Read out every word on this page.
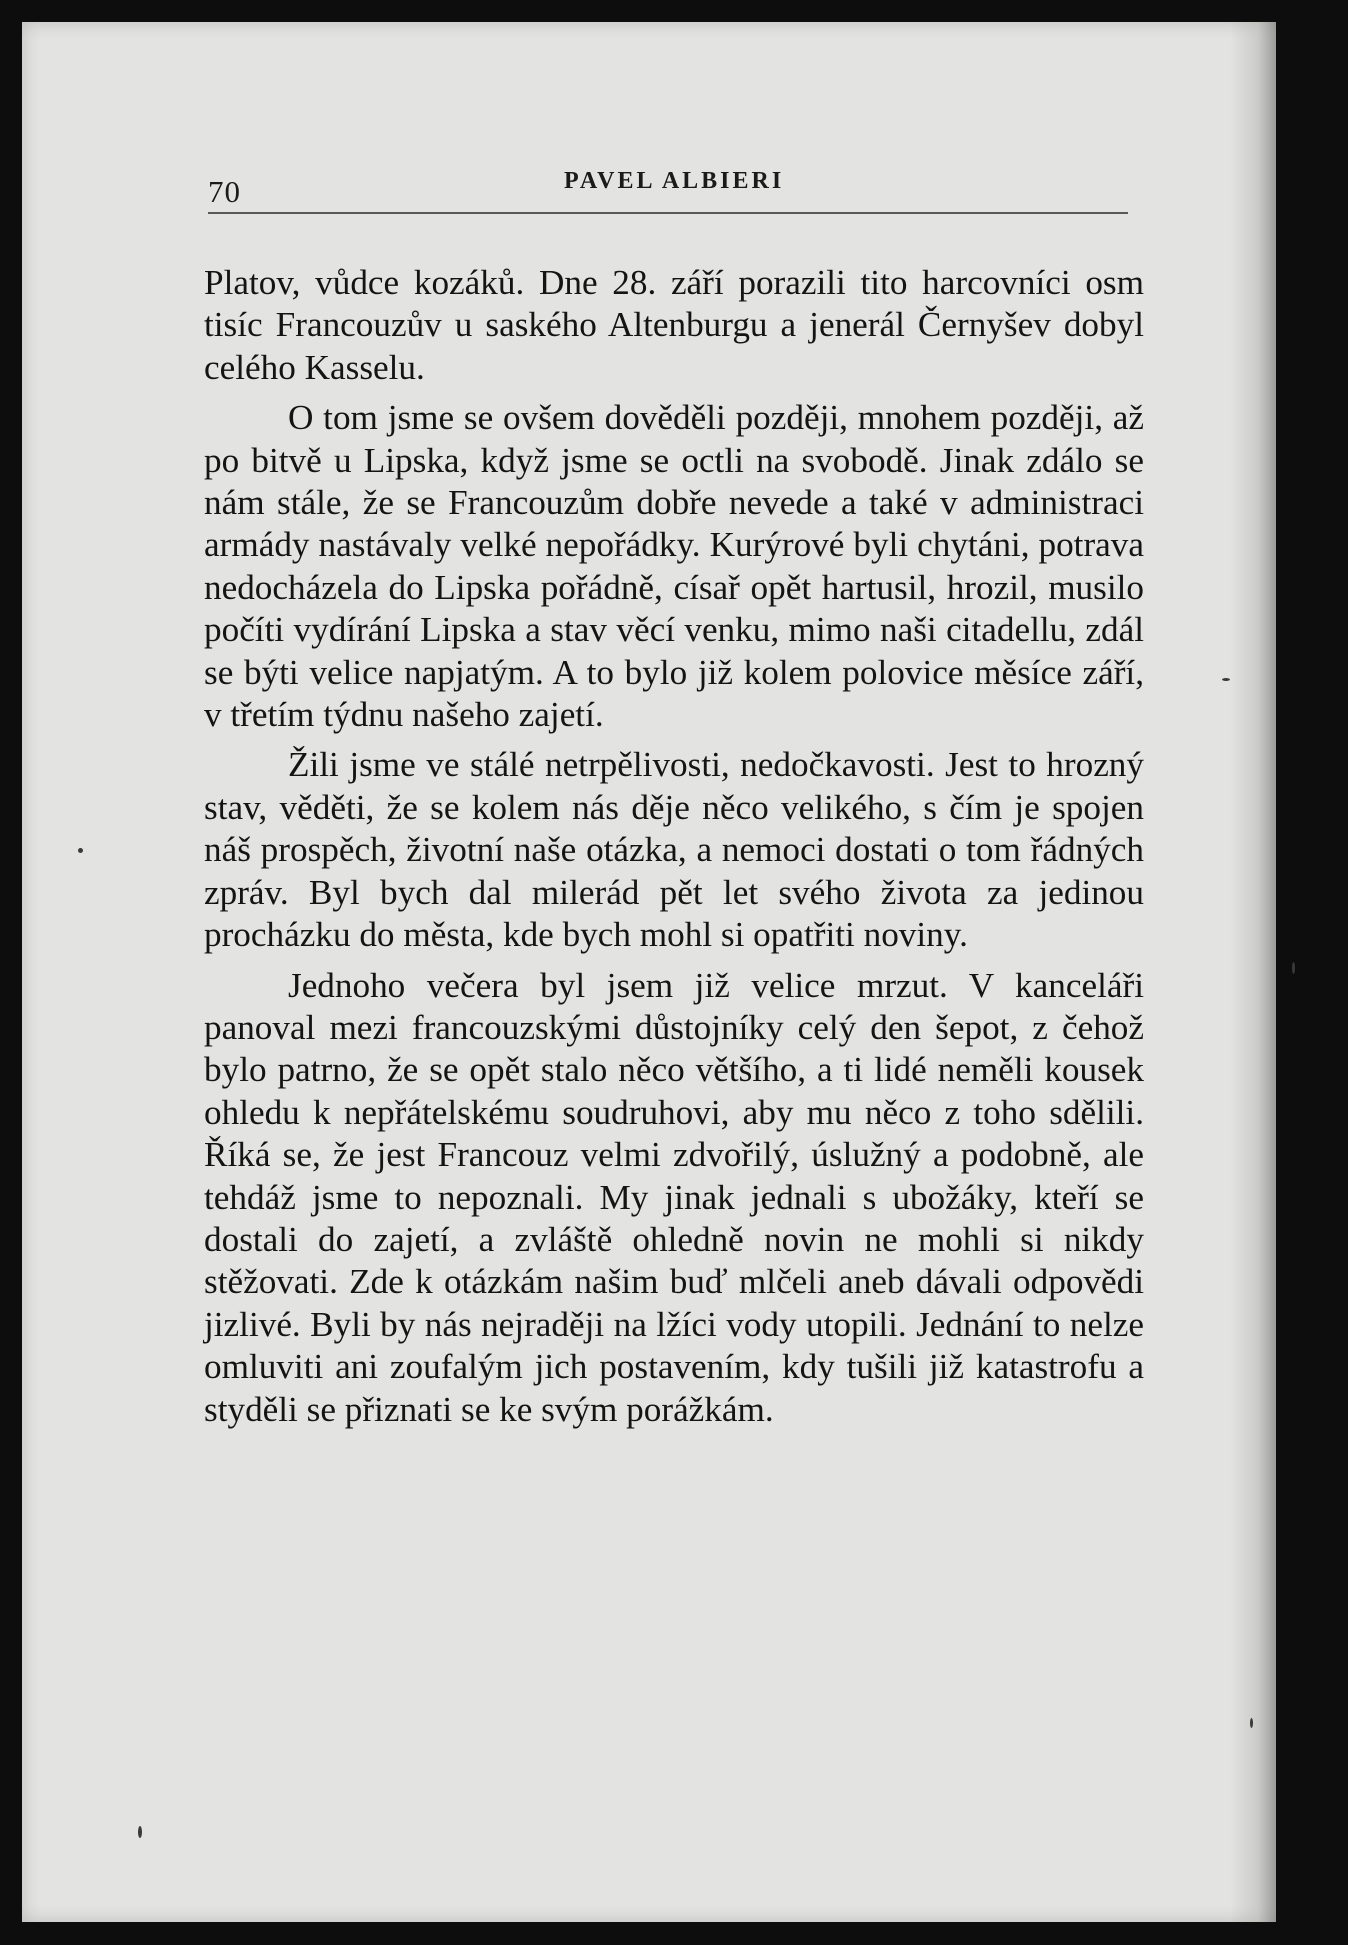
70	PAVEL ALBIERI

Platov, vůdce kozáků. Dne 28. září porazili tito harcovníci osm tisíc Francouzův u saského Altenburgu a jenerál Černyšev dobyl celého Kasselu.

O tom jsme se ovšem dověděli později, mnohem později, až po bitvě u Lipska, když jsme se octli na svobodě. Jinak zdálo se nám stále, že se Francouzům dobře nevede a také v administraci armády nastávaly velké nepořádky. Kurýrové byli chytáni, potrava nedocházela do Lipska pořádně, císař opět hartusil, hrozil, musilo počíti vydírání Lipska a stav věcí venku, mimo naši citadellu, zdál se býti velice napjatým. A to bylo již kolem polovice měsíce září, v třetím týdnu našeho zajetí.

Žili jsme ve stálé netrpělivosti, nedočkavosti. Jest to hrozný stav, věděti, že se kolem nás děje něco velikého, s čím je spojen náš prospěch, životní naše otázka, a nemoci dostati o tom řádných zpráv. Byl bych dal milerád pět let svého života za jedinou procházku do města, kde bych mohl si opatřiti noviny.

Jednoho večera byl jsem již velice mrzut. V kanceláři panoval mezi francouzskými důstojníky celý den šepot, z čehož bylo patrno, že se opět stalo něco většího, a ti lidé neměli kousek ohledu k nepřátelskému soudruhovi, aby mu něco z toho sdělili. Říká se, že jest Francouz velmi zdvořilý, úslužný a podobně, ale tehdáž jsme to nepoznali. My jinak jednali s ubožáky, kteří se dostali do zajetí, a zvláště ohledně novin ne mohli si nikdy stěžovati. Zde k otázkám našim buď mlčeli aneb dávali odpovědi jizlivé. Byli by nás nejraději na lžíci vody utopili. Jednání to nelze omluviti ani zoufalým jich postavením, kdy tušili již katastrofu a styděli se přiznati se ke svým porážkám.
